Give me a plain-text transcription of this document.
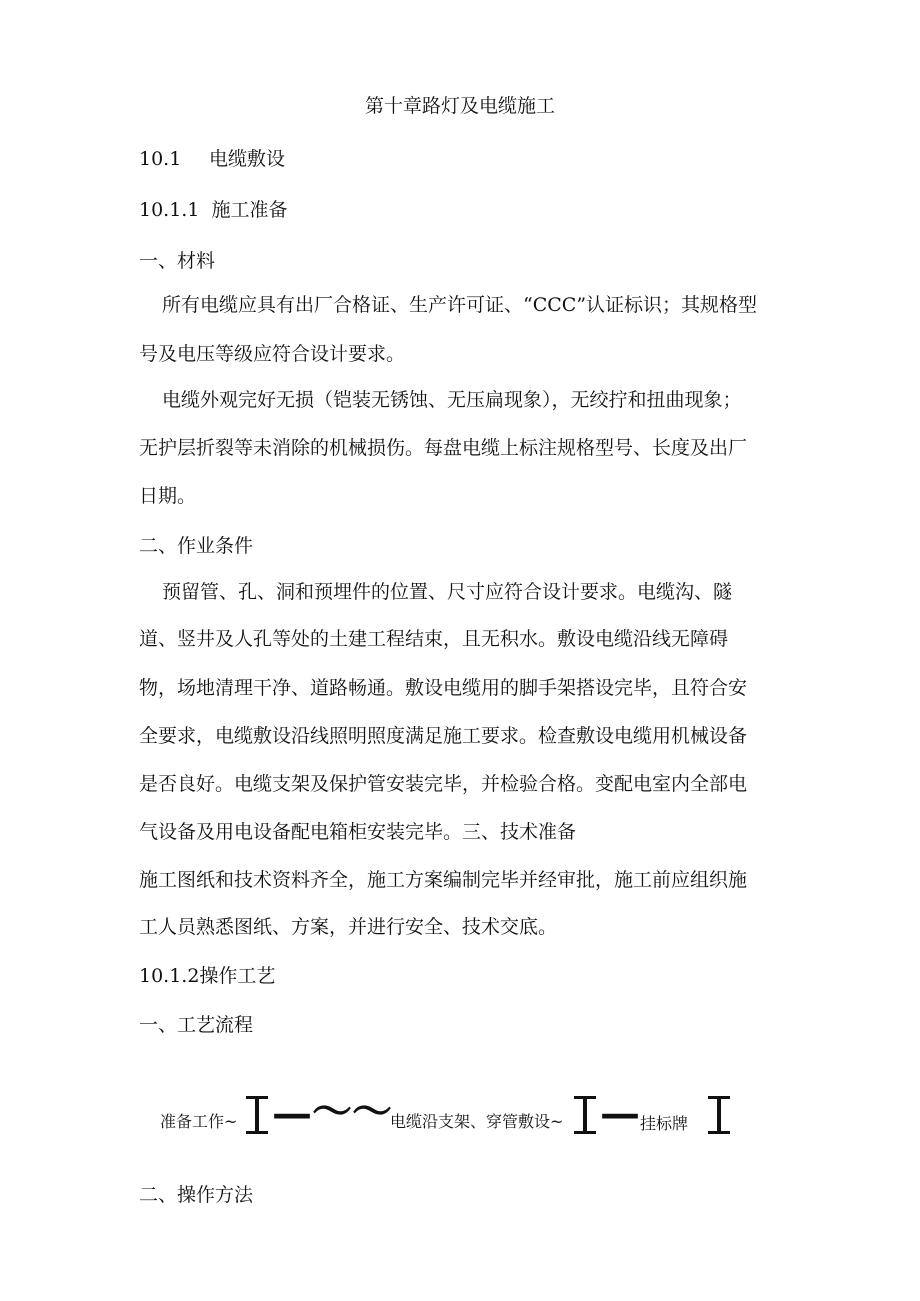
第十章路灯及电缆施工
10.1 电缆敷设
10.1.1 施工准备
一、材料
所有电缆应具有出厂合格证、生产许可证、“CCC”认证标识；其规格型
号及电压等级应符合设计要求。
电缆外观完好无损（铠装无锈蚀、无压扁现象），无绞拧和扭曲现象；
无护层折裂等未消除的机械损伤。每盘电缆上标注规格型号、长度及出厂
日期。
二、作业条件
预留管、孔、洞和预埋件的位置、尺寸应符合设计要求。电缆沟、隧
道、竖井及人孔等处的土建工程结束，且无积水。敷设电缆沿线无障碍
物，场地清理干净、道路畅通。敷设电缆用的脚手架搭设完毕，且符合安
全要求，电缆敷设沿线照明照度满足施工要求。检查敷设电缆用机械设备
是否良好。电缆支架及保护管安装完毕，并检验合格。变配电室内全部电
气设备及用电设备配电箱柜安装完毕。三、技术准备
施工图纸和技术资料齐全，施工方案编制完毕并经审批，施工前应组织施
工人员熟悉图纸、方案，并进行安全、技术交底。
10.1.2操作工艺
一、工艺流程
准备工作~ — ～～
电缆沿支架、穿管敷设~ — 挂标牌
二、操作方法
